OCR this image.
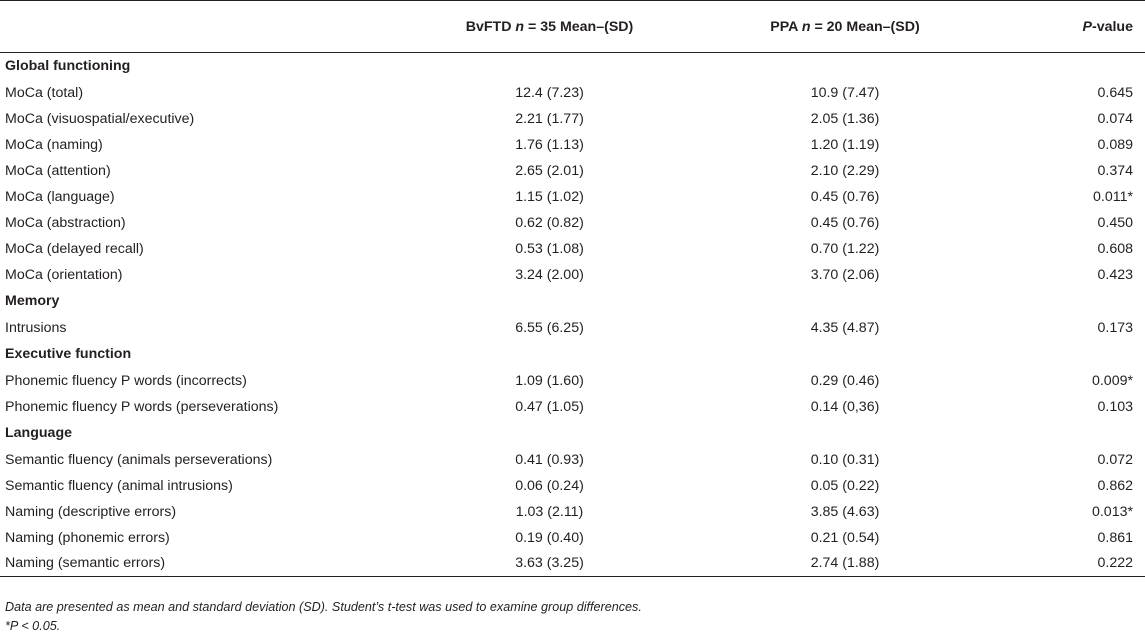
	BvFTD n = 35 Mean–(SD)	PPA n = 20 Mean–(SD)	P-value
Global functioning			
MoCa (total)	12.4 (7.23)	10.9 (7.47)	0.645
MoCa (visuospatial/executive)	2.21 (1.77)	2.05 (1.36)	0.074
MoCa (naming)	1.76 (1.13)	1.20 (1.19)	0.089
MoCa (attention)	2.65 (2.01)	2.10 (2.29)	0.374
MoCa (language)	1.15 (1.02)	0.45 (0.76)	0.011*
MoCa (abstraction)	0.62 (0.82)	0.45 (0.76)	0.450
MoCa (delayed recall)	0.53 (1.08)	0.70 (1.22)	0.608
MoCa (orientation)	3.24 (2.00)	3.70 (2.06)	0.423
Memory			
Intrusions	6.55 (6.25)	4.35 (4.87)	0.173
Executive function			
Phonemic fluency P words (incorrects)	1.09 (1.60)	0.29 (0.46)	0.009*
Phonemic fluency P words (perseverations)	0.47 (1.05)	0.14 (0,36)	0.103
Language			
Semantic fluency (animals perseverations)	0.41 (0.93)	0.10 (0.31)	0.072
Semantic fluency (animal intrusions)	0.06 (0.24)	0.05 (0.22)	0.862
Naming (descriptive errors)	1.03 (2.11)	3.85 (4.63)	0.013*
Naming (phonemic errors)	0.19 (0.40)	0.21 (0.54)	0.861
Naming (semantic errors)	3.63 (3.25)	2.74 (1.88)	0.222
Data are presented as mean and standard deviation (SD). Student’s t-test was used to examine group differences.
*P < 0.05.
